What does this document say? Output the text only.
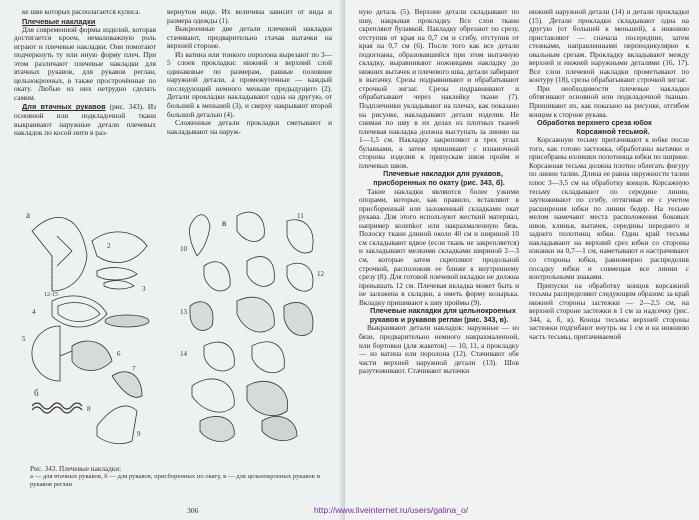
ке шве которых располагается кулиса.

Плечевые накладки

Для современной формы изделий, которая достигается кроем, немаловажную роль играют и плечевые накладки. Они помогают подчеркнуть ту или иную форму плеч. При этом различают плечевые накладки для втачных рукавов, для рукавов реглан, цельнокроеных, в также прострочённые по окату. Любые из них нетрудно сделать самим.

Для втачных рукавов (рис. 343). Из основной или подкладочной ткани выкраивают наружные детали плечевых накладок по косой нити в раз-

вернутом виде. Их величина зависит от вида и размера одежды (1).

Выкроенные две детали плечевой накладки стачивают, предварительно стачав вытачки на верхней стороне.

Из ватина или тонкого поролона вырезают по 3—5 слоев прокладки: нижний и верхний слой одинаковые по размерам, равные половине наружной детали, а промежуточные — каждый последующий немного меньше предыдущего (2). Детали прокладки накладывают одна на другую, от большей к меньшей (3), и сверху накрывают второй большой деталью (4).

Сложенные детали прокладки сметывают и накладывают на наруж-

а
12-15
2
3
4
5
6
7
8
9
б
в
10
11
12
13
14
Рис. 343. Плечевые накладки:
а — для втачных рукавов, б — для рукавов, присборенных по окату, в — для цельнокроеных рукавов и рукавов реглан
306

ную деталь (5). Верхние детали складывают по шву, накрывая прокладку. Все слои ткани скрепляют булавкой. Накладку обрезают по срезу, отступив от края на 0,7 см и сгибу, отступив от края на 0,7 см (6). После того как все детали подогнаны, образовавшийся при этом вытачную складку, выравнивают ножницами накладку до нижних вытачек и плечевого шва, детали забирают в вытачку. Срезы подравнивают и обрабатывают строчкой зигзаг. Срезы подравнивают и обрабатывают через наклейку ткани (7). Подплечники укладывают на плечах, как показано на рисунке, накладывают детали изделия. Не снимая по шву в их делах из плотных тканей плечевая накладка должна выступать за линию на 1—1,5 см. Накладку закрепляют в трех углах булавками, а затем пришивают с изнаночной стороны изделия к припускам швов пройм и плечевых швов.

Плечевые накладки для рукавов, присборенных по окату (рис. 343, б).

Такие накладки являются более узкими опорами, которые, как правило, вставляют в присборенный или заложенный складками окат рукава. Для этого используют жесткий материал, например колenkor или накрахмаленную бязь. Полоску ткани длиной около 40 см и шириной 10 см складывают вдвое (если ткань не закрепляется) и закладывают мелкими складками шириной 2—3 см, которые затем скрепляют продольной строчкой, расположив ее ближе к внутреннему срезу (8). Для готовой плечевой вкладки не должна превышать 12 см. Плечевая вкладка может быть и не заложена в складки, а иметь форму козырька. Вкладку пришивают к шву проймы (9).

Плечевые накладки для цельнокроеных рукавов и рукавов реглан (рис. 343, в).

Выкраивают детали накладок: наружные — из бязи, предварительно немного накрахмаленной, или бортовки (для жакетов) — 10, 11, а прокладку — из ватина или поролона (12). Стачивают обе части верхней наружной детали (13). Шов разутюживают. Стачивают вытачки

нижней наружной детали (14) и детали прокладки (15). Детали прокладки складывают одна на другую (от большей к меньшей), а нижнюю приставляют — сначала посередине, затем стежками, направленными перпендикулярно к овальным срезам. Прокладку вкладывают между верхней и нижней наружными деталями (16, 17). Все слои плечевой накладки прометывают по контуру (18), срезы обрабатывают строчкой зигзаг.

При необходимости плечевые накладки обтягивают основной или подкладочной тканью. Пришивают их, как показано на рисунке, отгибом концом к стороне рукава.

Обработка верхнего среза юбок

Корсажной тесьмой.

Корсажную тесьму притачивают к юбке после того, как готово застежка, обработаны вытачки и присобраны излишки полотнища юбки по ширине. Корсажная тесьма должна плотно облегать фигуру по линии талии. Длина ее равна окружности талии плюс 3—3,5 см на обработку концов. Корсажную тесьму складывают по середине линии, заутюживают по сгибу, оттягивая ее с учетом расширения юбки по линии бедер. На тесьме мелом намечают места расположения боковых швов, клинья, вытачек, середины переднего и заднего полотнищ юбки. Один край тесьмы накладывают на верхний срез юбки со стороны изнанки на 0,7—1 см, наметывают и настрачивают со стороны юбки, равномерно распределив посадку юбки и совмещая все линии с контрольными знаками.

Припуски на обработку концов корсажной тесьмы распределяют следующим образом: за край нижней стороны застежки — 2—2,5 см, на верхней стороне застежки в 1 см за надсечку (рис. 344, а, б, в). Концы тесьмы верхней стороны застежки подгибают внутрь на 1 см и на нижнюю часть тесьмы, притачиваемой

http://www.liveinternet.ru/users/galina_o/
